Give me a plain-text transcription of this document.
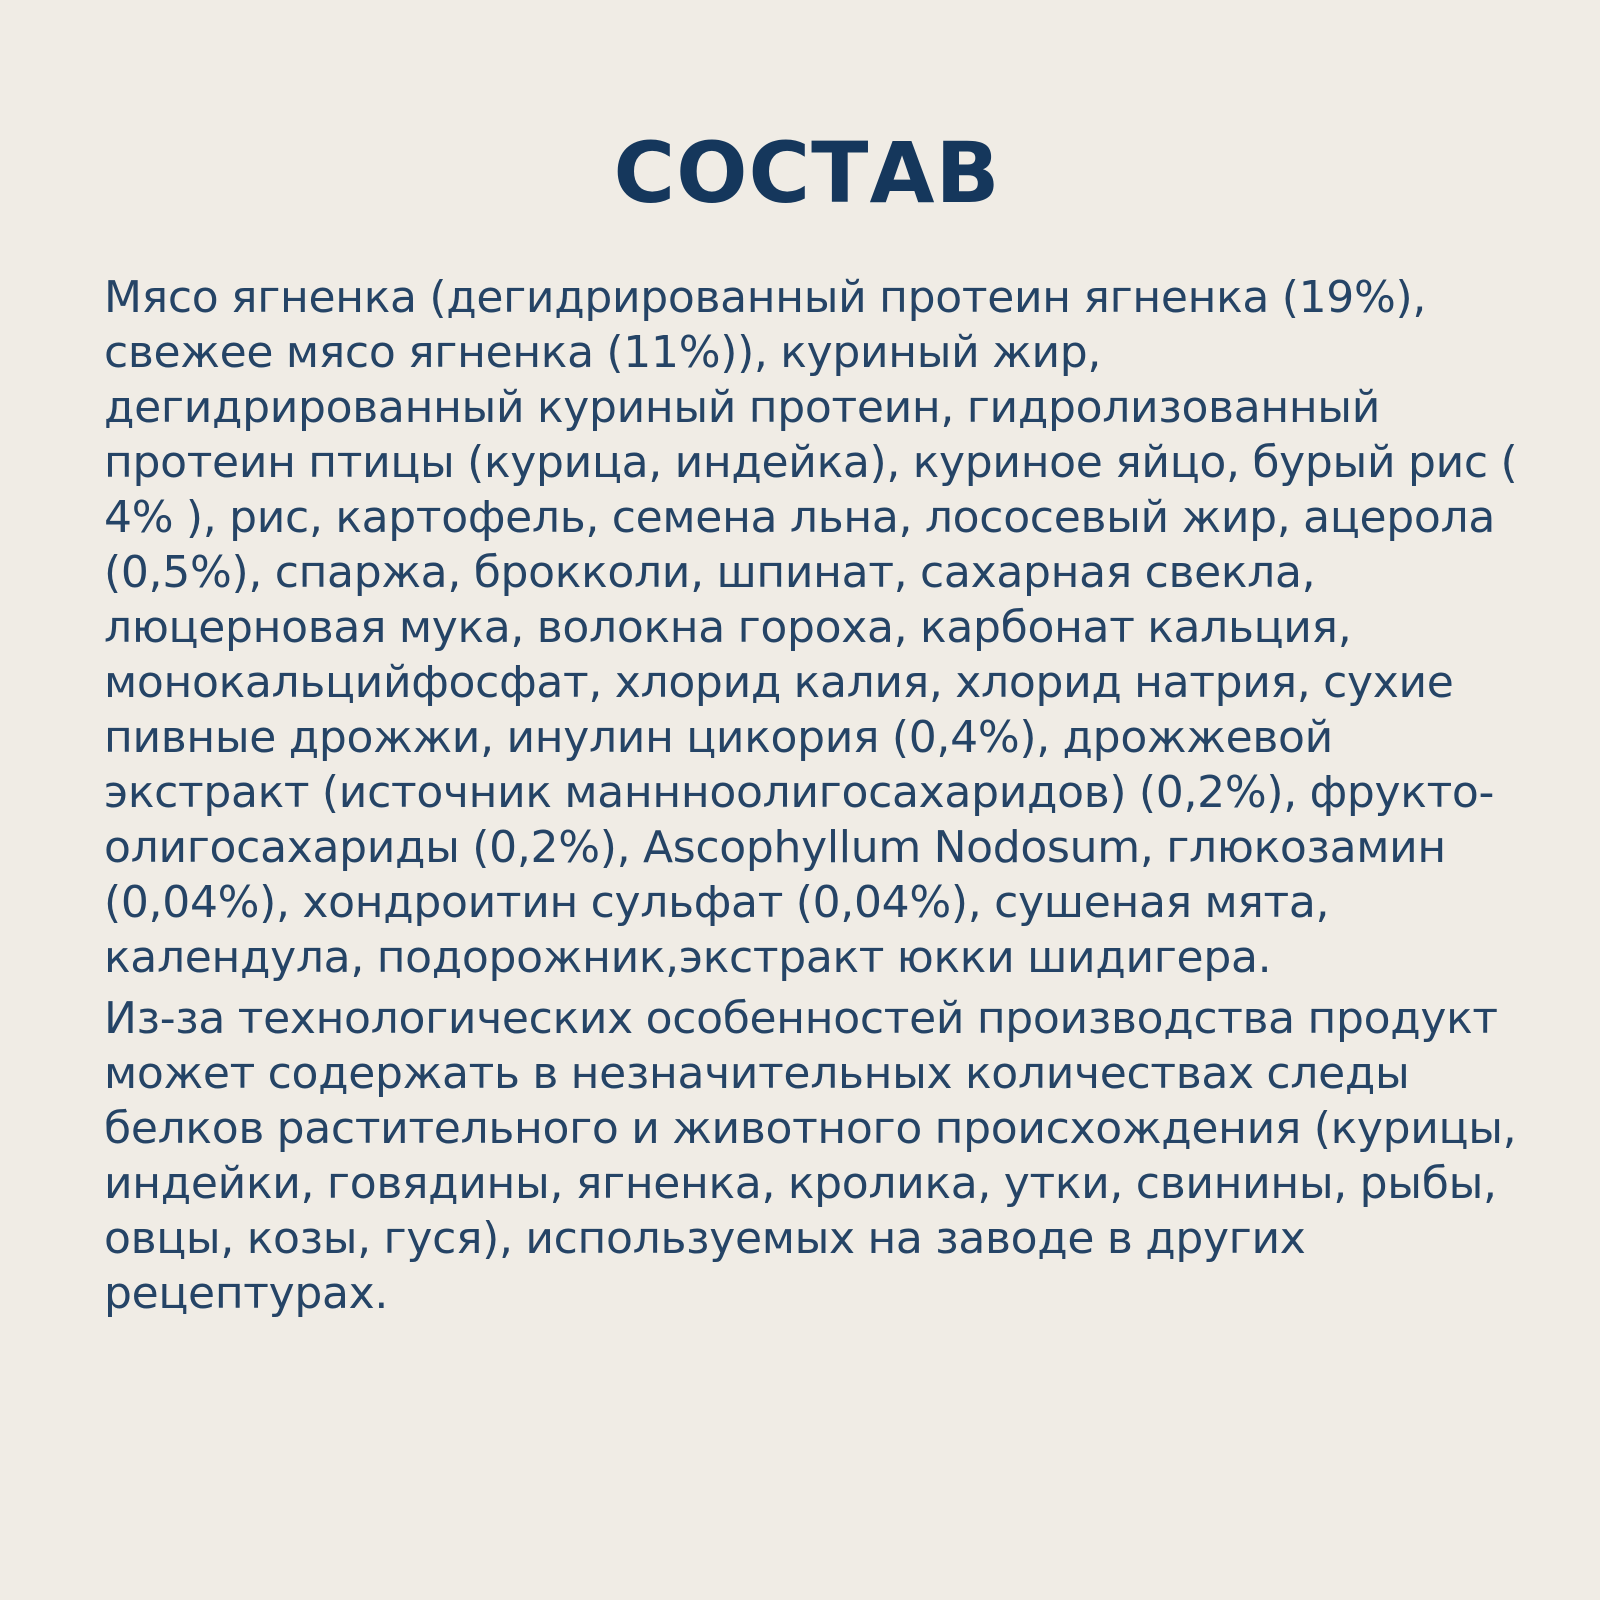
СОСТАВ

Мясо ягненка (дегидрированный протеин ягненка (19%), свежее мясо ягненка (11%)), куриный жир, дегидрированный куриный протеин, гидролизованный протеин птицы (курица, индейка), куриное яйцо, бурый рис ( 4% ), рис, картофель, семена льна, лососевый жир, ацерола (0,5%), спаржа, брокколи, шпинат, сахарная свекла, люцерновая мука, волокна гороха, карбонат кальция, монокальцийфосфат, хлорид калия, хлорид натрия, сухие пивные дрожжи, инулин цикория (0,4%), дрожжевой экстракт (источник маннноолигосахаридов) (0,2%), фрукто-олигосахариды (0,2%), Ascophyllum Nodosum, глюкозамин (0,04%), хондроитин сульфат (0,04%), сушеная мята, календула, подорожник,экстракт юкки шидигера.

Из-за технологических особенностей производства продукт может содержать в незначительных количествах следы белков растительного и животного происхождения (курицы, индейки, говядины, ягненка, кролика, утки, свинины, рыбы, овцы, козы, гуся), используемых на заводе в других рецептурах.
